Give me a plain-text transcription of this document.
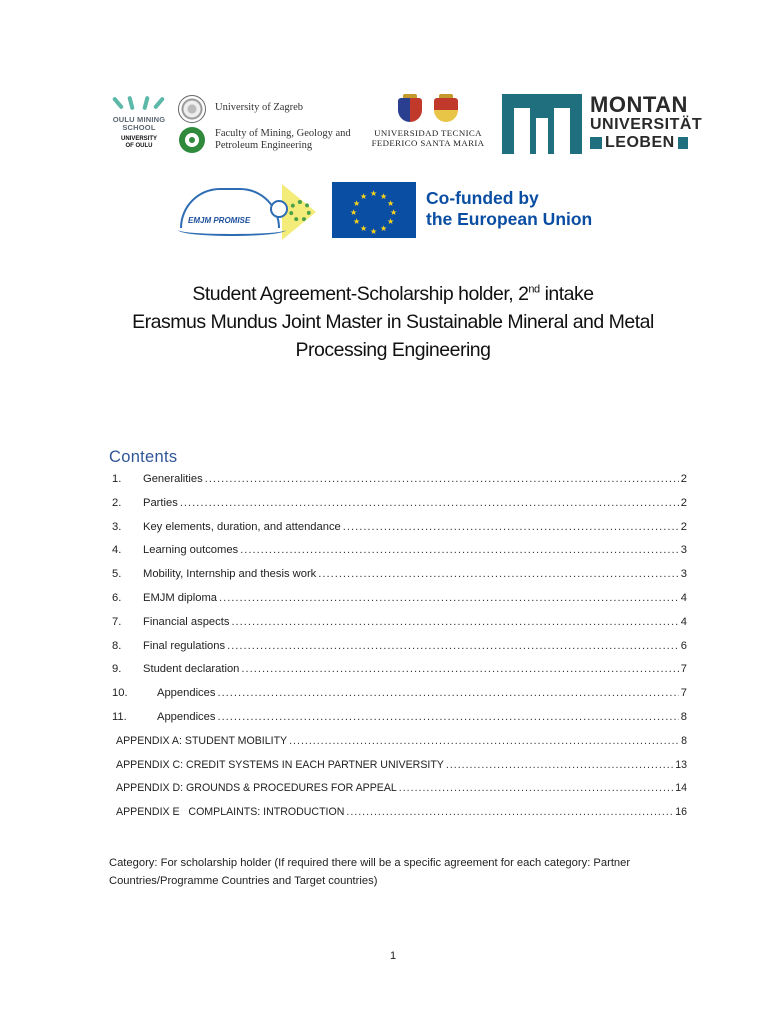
OULU MINING
SCHOOL
UNIVERSITY
OF OULU
University of Zagreb
Faculty of Mining, Geology and
Petroleum Engineering

UNIVERSIDAD TECNICA
FEDERICO SANTA MARIA
MONTAN
UNIVERSITÄT
LEOBEN
EMJM PROMISE
★ ★
★
★
★
★
★
★
★
★
★
★	Co-funded by
the European Union
Student Agreement-Scholarship holder, 2nd intake
Erasmus Mundus Joint Master in Sustainable Mineral and Metal
Processing Engineering
Contents
1.	Generalities .....	2
2.	Parties .....	2
3.	Key elements, duration, and attendance .....	2
4.	Learning outcomes .....	3
5.	Mobility, Internship and thesis work .....	3
6.	EMJM diploma .....	4
7.	Financial aspects .....	4
8.	Final regulations .....	6
9.	Student declaration .....	7
10.	Appendices .....	7
11.	Appendices .....	8
APPENDIX A: STUDENT MOBILITY .....	8
APPENDIX C: CREDIT SYSTEMS IN EACH PARTNER UNIVERSITY .....	13
APPENDIX D: GROUNDS & PROCEDURES FOR APPEAL .....	14
APPENDIX E   COMPLAINTS: INTRODUCTION .....	16
Category: For scholarship holder (If required there will be a specific agreement for each category: Partner Countries/Programme Countries and Target countries)
1
